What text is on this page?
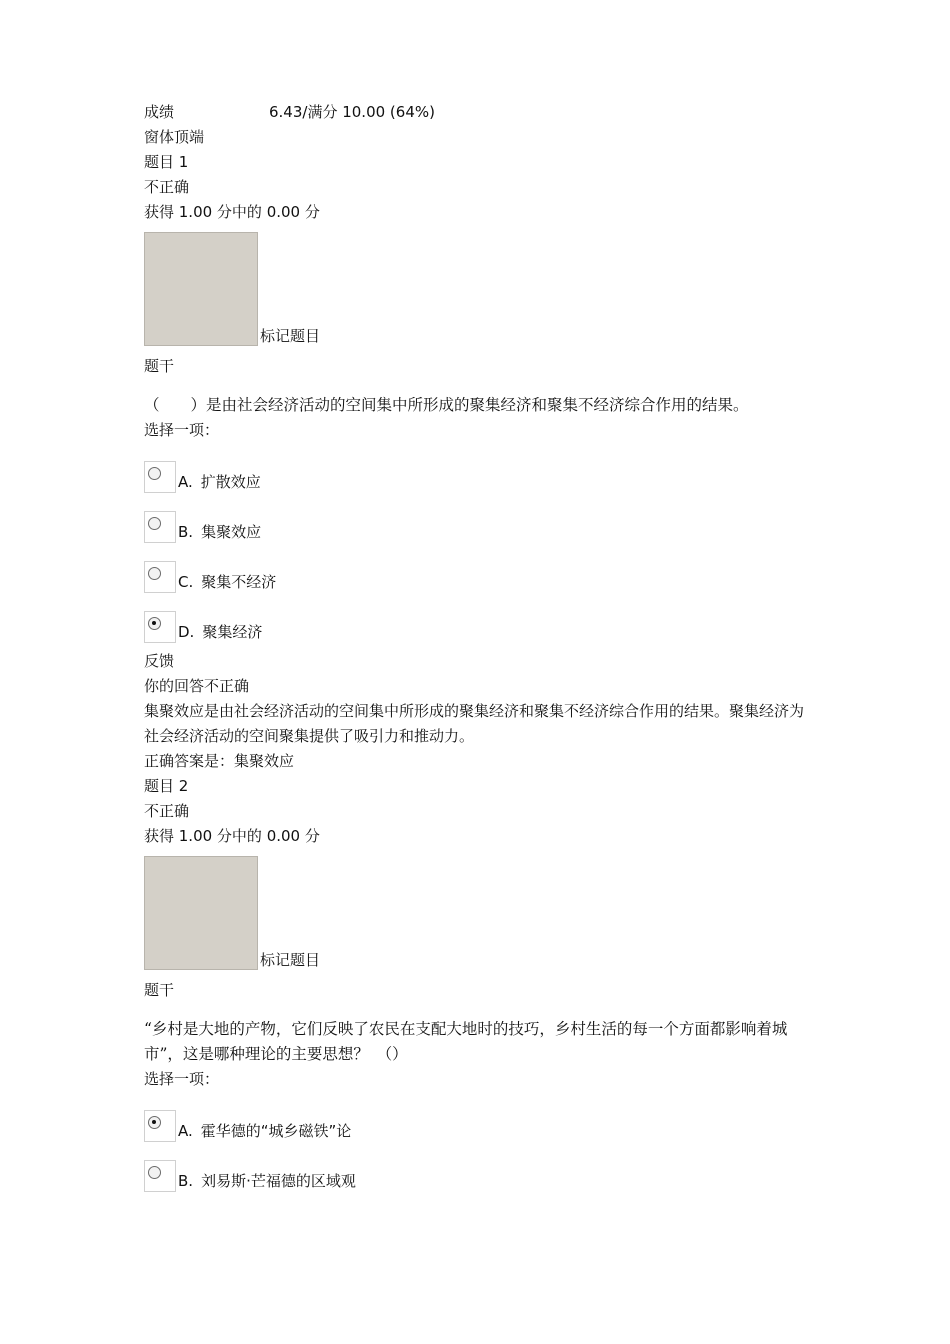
成绩	6.43/满分 10.00 (64%)
窗体顶端
题目 1
不正确
获得 1.00 分中的 0.00 分
标记题目
题干
（　　）是由社会经济活动的空间集中所形成的聚集经济和聚集不经济综合作用的结果。
选择一项：
A. 扩散效应
B. 集聚效应
C. 聚集不经济
D. 聚集经济
反馈
你的回答不正确
集聚效应是由社会经济活动的空间集中所形成的聚集经济和聚集不经济综合作用的结果。聚集经济为社会经济活动的空间聚集提供了吸引力和推动力。
正确答案是：集聚效应
题目 2
不正确
获得 1.00 分中的 0.00 分
标记题目
题干
“乡村是大地的产物，它们反映了农民在支配大地时的技巧，乡村生活的每一个方面都影响着城市”，这是哪种理论的主要思想？　（）
选择一项：
A. 霍华德的“城乡磁铁”论
B. 刘易斯·芒福德的区域观
